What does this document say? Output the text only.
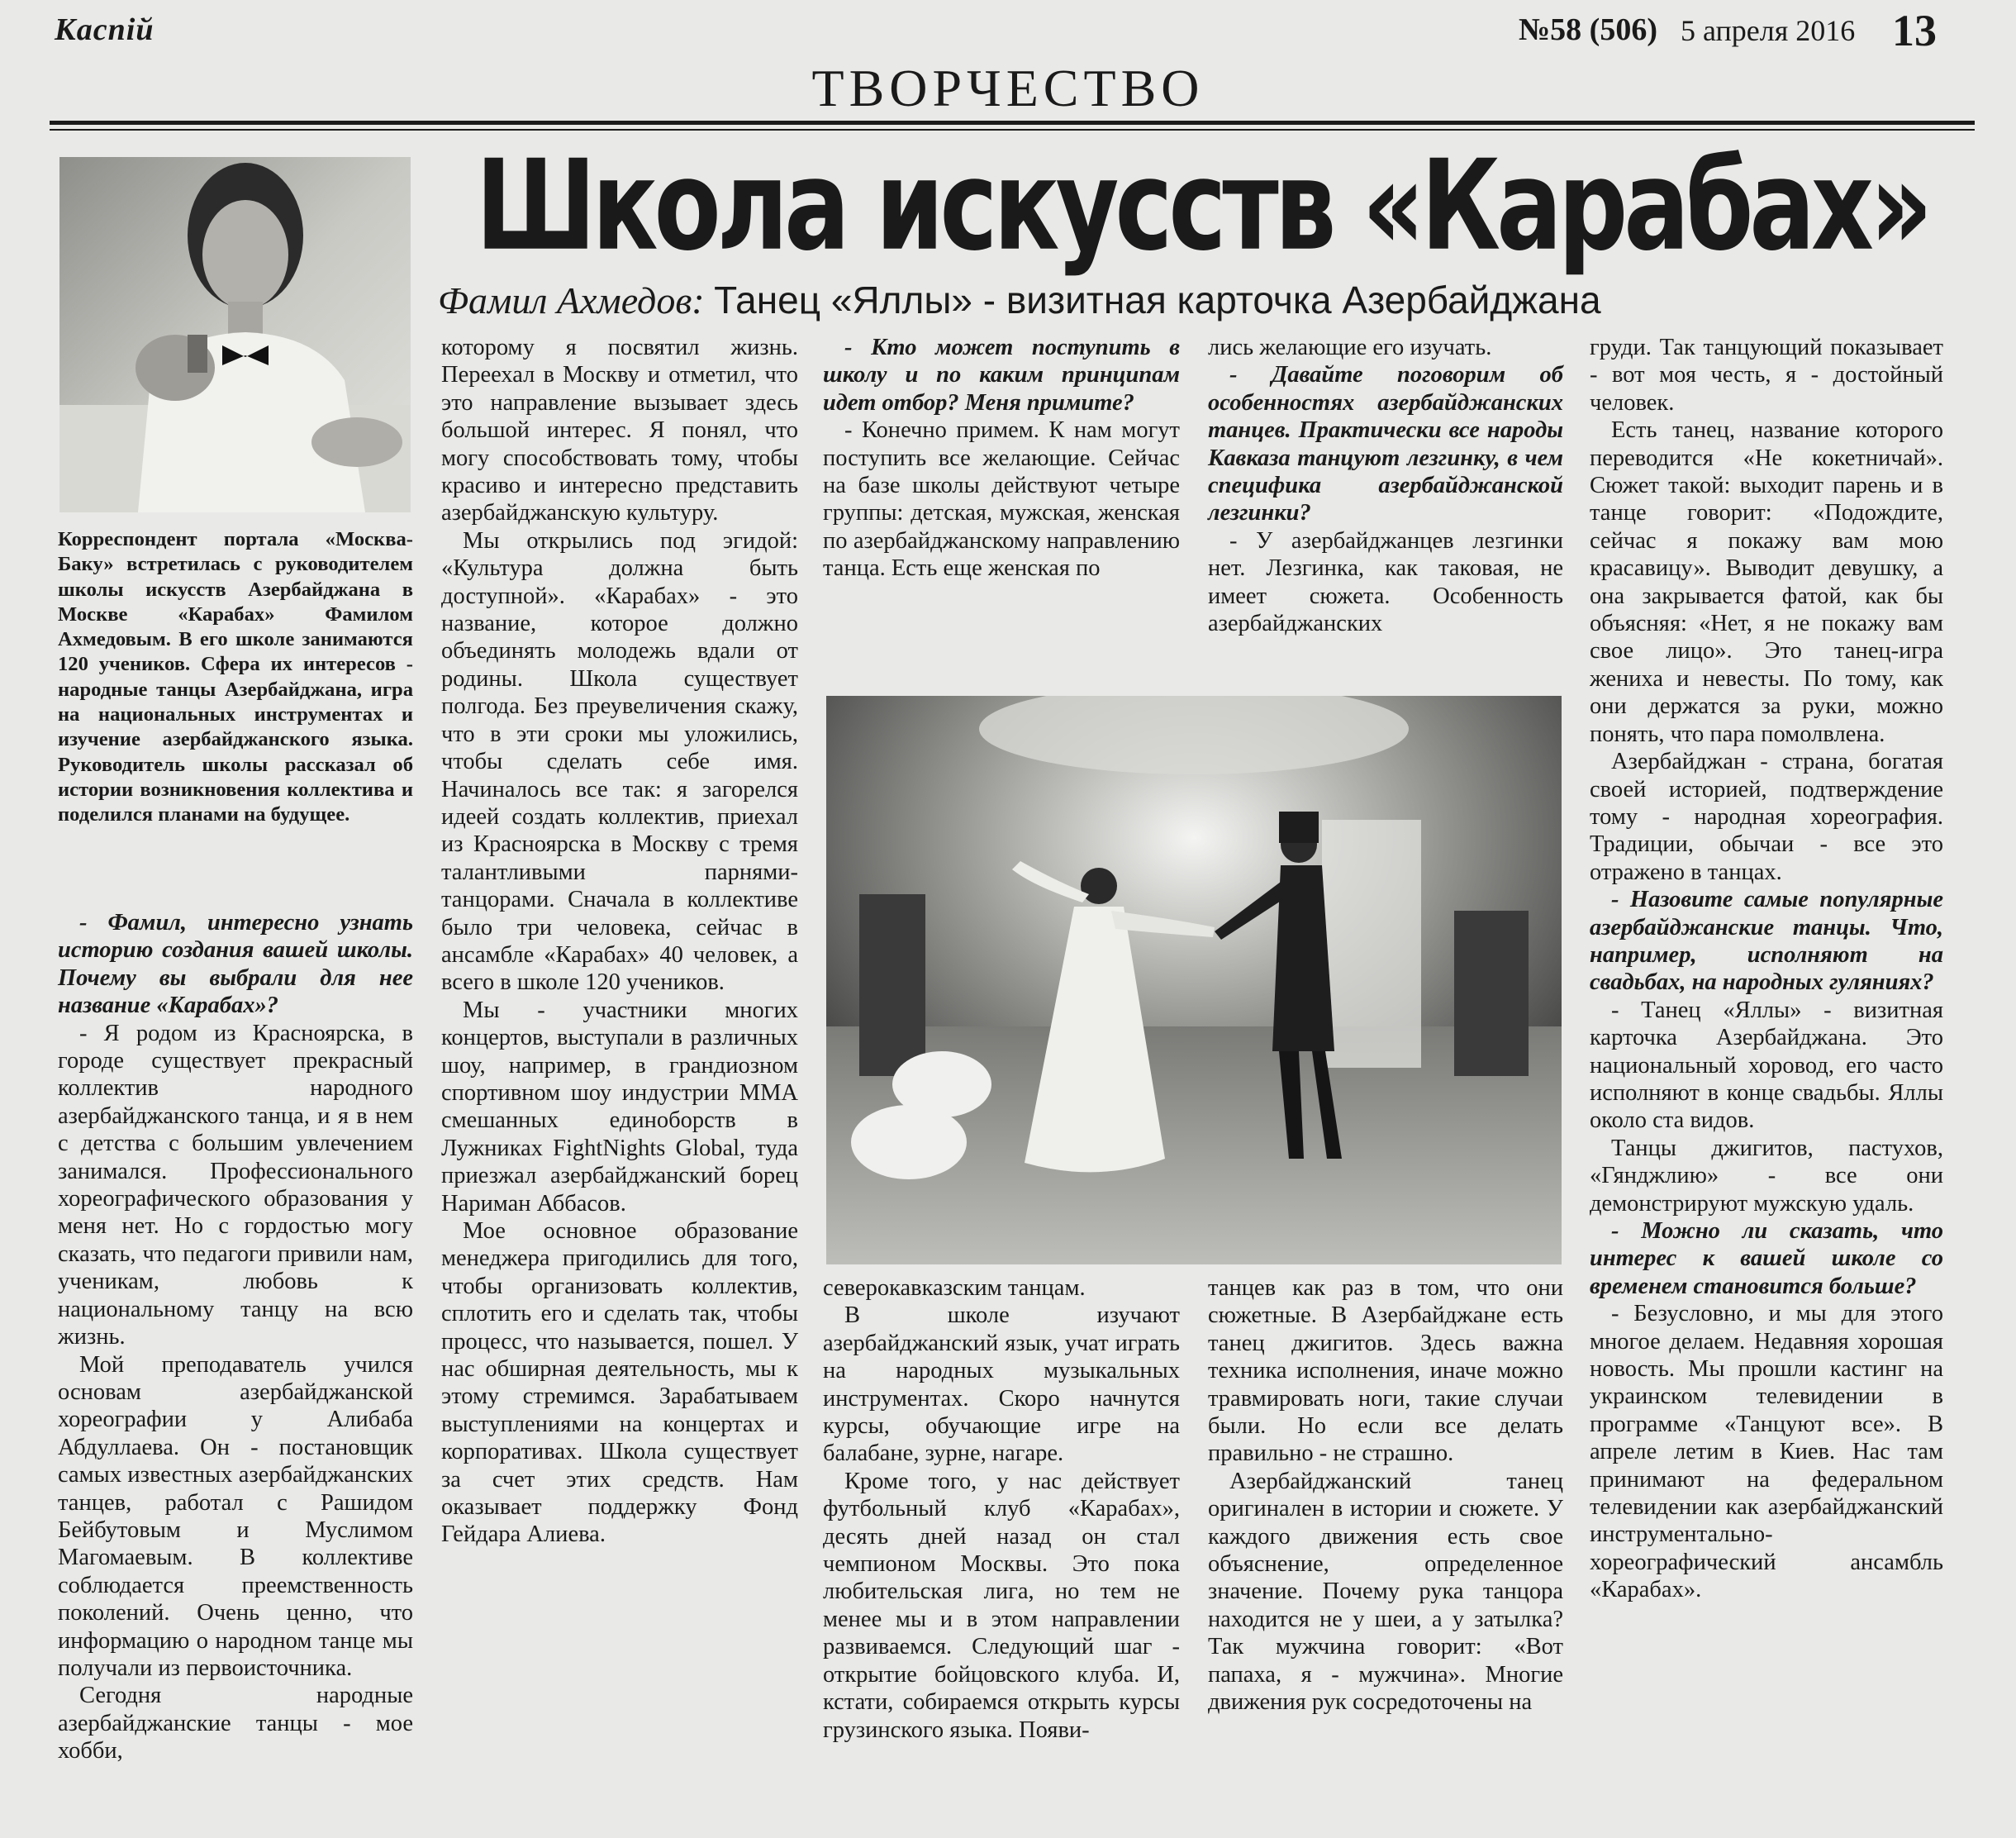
Каспiй	№58 (506) 5 апреля 2016 13
ТВОРЧЕСТВО
Школа искусств «Карабах»
Фамил Ахмедов: Танец «Яллы» - визитная карточка Азербайджана
Корреспондент портала «Москва-Баку» встретилась с руководителем школы искусств Азербайджана в Москве «Карабах» Фамилом Ахмедовым. В его школе занимаются 120 учеников. Сфера их интересов - народные танцы Азербайджана, игра на национальных инструментах и изучение азербайджанского языка. Руководитель школы рассказал об истории возникновения коллектива и поделился планами на будущее.

- Фамил, интересно узнать историю создания вашей школы. Почему вы выбрали для нее название «Карабах»?

- Я родом из Красноярска, в городе существует прекрасный коллектив народного азербайджанского танца, и я в нем с детства с большим увлечением занимался. Профессионального хореографического образования у меня нет. Но с гордостью могу сказать, что педагоги привили нам, ученикам, любовь к национальному танцу на всю жизнь.

Мой преподаватель учился основам азербайджанской хореографии у Алибаба Абдуллаева. Он - постановщик самых известных азербайджанских танцев, работал с Рашидом Бейбутовым и Муслимом Магомаевым. В коллективе соблюдается преемственность поколений. Очень ценно, что информацию о народном танце мы получали из первоисточника.

Сегодня народные азербайджанские танцы - мое хобби,

которому я посвятил жизнь. Переехал в Москву и отметил, что это направление вызывает здесь большой интерес. Я понял, что могу способствовать тому, чтобы красиво и интересно представить азербайджанскую культуру.

Мы открылись под эгидой: «Культура должна быть доступной». «Карабах» - это название, которое должно объединять молодежь вдали от родины. Школа существует полгода. Без преувеличения скажу, что в эти сроки мы уложились, чтобы сделать себе имя. Начиналось все так: я загорелся идеей создать коллектив, приехал из Красноярска в Москву с тремя талантливыми парнями-танцорами. Сначала в коллективе было три человека, сейчас в ансамбле «Карабах» 40 человек, а всего в школе 120 учеников.

Мы - участники многих концертов, выступали в различных шоу, например, в грандиозном спортивном шоу индустрии ММА смешанных единоборств в Лужниках FightNights Global, туда приезжал азербайджанский борец Нариман Аббасов.

Мое основное образование менеджера пригодились для того, чтобы организовать коллектив, сплотить его и сделать так, чтобы процесс, что называется, пошел. У нас обширная деятельность, мы к этому стремимся. Зарабатываем выступлениями на концертах и корпоративах. Школа существует за счет этих средств. Нам оказывает поддержку Фонд Гейдара Алиева.

- Кто может поступить в школу и по каким принципам идет отбор? Меня примите?

- Конечно примем. К нам могут поступить все желающие. Сейчас на базе школы действуют четыре группы: детская, мужская, женская по азербайджанскому направлению танца. Есть еще женская по

лись желающие его изучать.

- Давайте поговорим об особенностях азербайджанских танцев. Практически все народы Кавказа танцуют лезгинку, в чем специфика азербайджанской лезгинки?

- У азербайджанцев лезгинки нет. Лезгинка, как таковая, не имеет сюжета. Особенность азербайджанских

груди. Так танцующий показывает - вот моя честь, я - достойный человек.

Есть танец, название которого переводится «Не кокетничай». Сюжет такой: выходит парень и в танце говорит: «Подождите, сейчас я покажу вам мою красавицу». Выводит девушку, а она закрывается фатой, как бы объясняя: «Нет, я не покажу вам свое лицо». Это танец-игра жениха и невесты. По тому, как они держатся за руки, можно понять, что пара помолвлена.

Азербайджан - страна, богатая своей историей, подтверждение тому - народная хореография. Традиции, обычаи - все это отражено в танцах.

- Назовите самые популярные азербайджанские танцы. Что, например, исполняют на свадьбах, на народных гуляниях?

- Танец «Яллы» - визитная карточка Азербайджана. Это национальный хоровод, его часто исполняют в конце свадьбы. Яллы около ста видов.

Танцы джигитов, пастухов, «Гянджлию» - все они демонстрируют мужскую удаль.

- Можно ли сказать, что интерес к вашей школе со временем становится больше?

- Безусловно, и мы для этого многое делаем. Недавняя хорошая новость. Мы прошли кастинг на украинском телевидении в программе «Танцуют все». В апреле летим в Киев. Нас там принимают на федеральном телевидении как азербайджанский инструментально-хореографический ансамбль «Карабах».

северокавказским танцам.

В школе изучают азербайджанский язык, учат играть на народных музыкальных инструментах. Скоро начнутся курсы, обучающие игре на балабане, зурне, нагаре.

Кроме того, у нас действует футбольный клуб «Карабах», десять дней назад он стал чемпионом Москвы. Это пока любительская лига, но тем не менее мы и в этом направлении развиваемся. Следующий шаг - открытие бойцовского клуба. И, кстати, собираемся открыть курсы грузинского языка. Появи-

танцев как раз в том, что они сюжетные. В Азербайджане есть танец джигитов. Здесь важна техника исполнения, иначе можно травмировать ноги, такие случаи были. Но если все делать правильно - не страшно.

Азербайджанский танец оригинален в истории и сюжете. У каждого движения есть свое объяснение, определенное значение. Почему рука танцора находится не у шеи, а у затылка? Так мужчина говорит: «Вот папаха, я - мужчина». Многие движения рук сосредоточены на
